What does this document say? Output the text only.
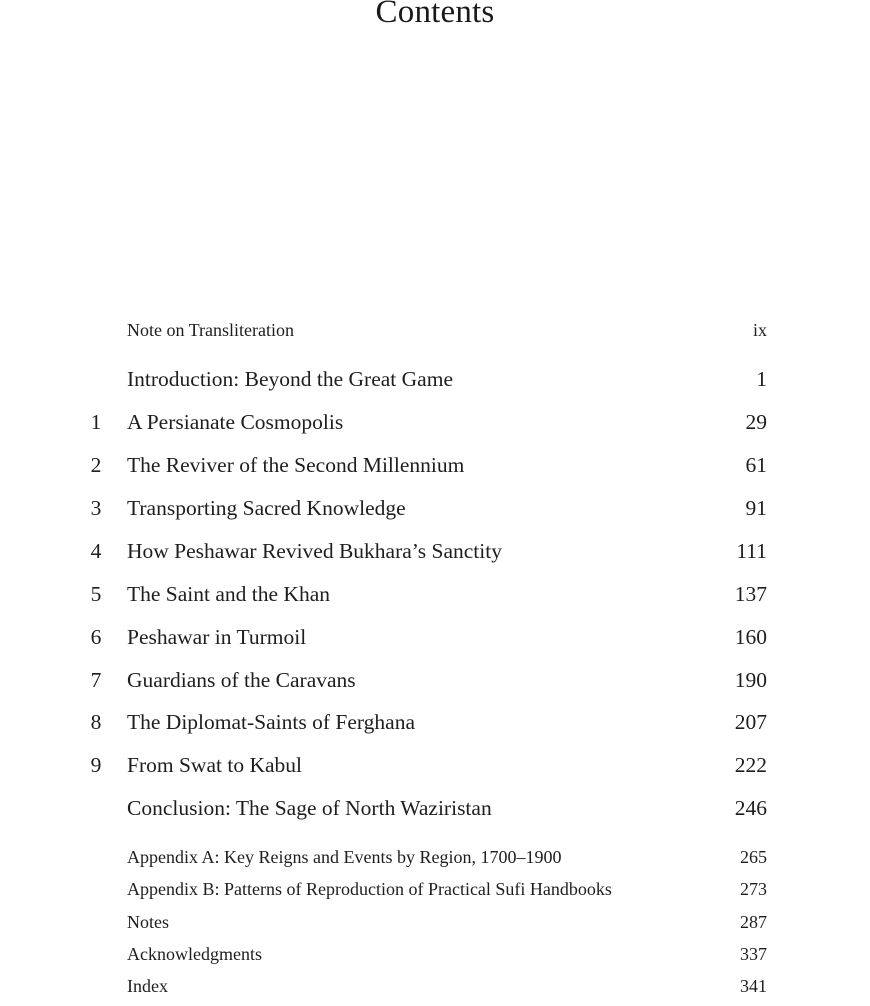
Contents
Note on Transliteration	ix
Introduction: Beyond the Great Game	1
1	A Persianate Cosmopolis	29
2	The Reviver of the Second Millennium	61
3	Transporting Sacred Knowledge	91
4	How Peshawar Revived Bukhara’s Sanctity	111
5	The Saint and the Khan	137
6	Peshawar in Turmoil	160
7	Guardians of the Caravans	190
8	The Diplomat-Saints of Ferghana	207
9	From Swat to Kabul	222
Conclusion: The Sage of North Waziristan	246
Appendix A: Key Reigns and Events by Region, 1700–1900	265
Appendix B: Patterns of Reproduction of Practical Sufi Handbooks	273
Notes	287
Acknowledgments	337
Index	341
